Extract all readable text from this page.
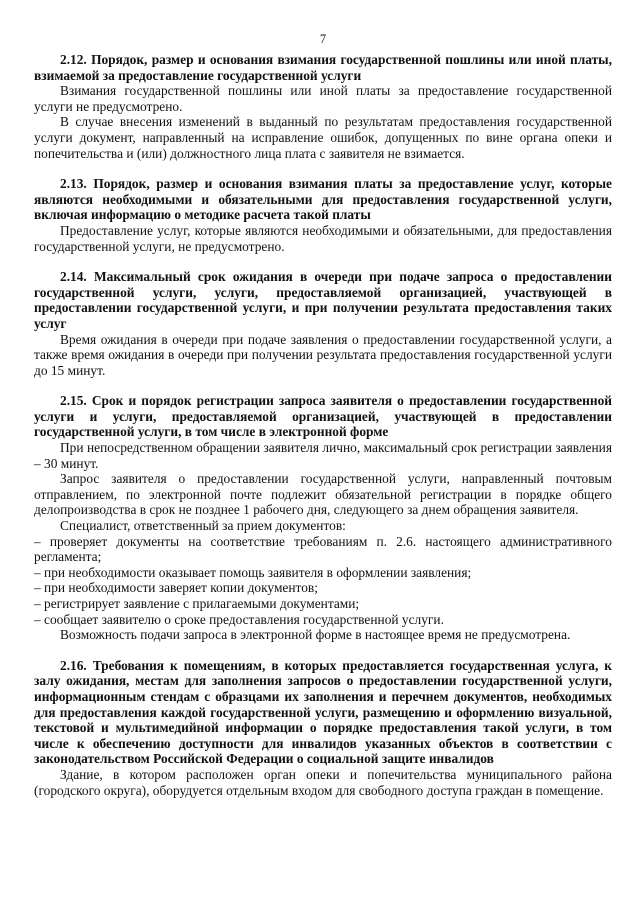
7

2.12. Порядок, размер и основания взимания государственной пошлины или иной платы, взимаемой за предоставление государственной услуги

Взимания государственной пошлины или иной платы за предоставление государственной услуги не предусмотрено.

В случае внесения изменений в выданный по результатам предоставления государственной услуги документ, направленный на исправление ошибок, допущенных по вине органа опеки и попечительства и (или) должностного лица плата с заявителя не взимается.

2.13. Порядок, размер и основания взимания платы за предоставление услуг, которые являются необходимыми и обязательными для предоставления государственной услуги, включая информацию о методике расчета такой платы

Предоставление услуг, которые являются необходимыми и обязательными, для предоставления государственной услуги, не предусмотрено.

2.14. Максимальный срок ожидания в очереди при подаче запроса о предоставлении государственной услуги, услуги, предоставляемой организацией, участвующей в предоставлении государственной услуги, и при получении результата предоставления таких услуг

Время ожидания в очереди при подаче заявления о предоставлении государственной услуги, а также время ожидания в очереди при получении результата предоставления государственной услуги до 15 минут.

2.15. Срок и порядок регистрации запроса заявителя о предоставлении государственной услуги и услуги, предоставляемой организацией, участвующей в предоставлении государственной услуги, в том числе в электронной форме

При непосредственном обращении заявителя лично, максимальный срок регистрации заявления – 30 минут.

Запрос заявителя о предоставлении государственной услуги, направленный почтовым отправлением, по электронной почте подлежит обязательной регистрации в порядке общего делопроизводства в срок не позднее 1 рабочего дня, следующего за днем обращения заявителя.

Специалист, ответственный за прием документов:

– проверяет документы на соответствие требованиям п. 2.6. настоящего административного регламента;

– при необходимости оказывает помощь заявителя в оформлении заявления;

– при необходимости заверяет копии документов;

– регистрирует заявление с прилагаемыми документами;

– сообщает заявителю о сроке предоставления государственной услуги.

Возможность подачи запроса в электронной форме в настоящее время не предусмотрена.

2.16. Требования к помещениям, в которых предоставляется государственная услуга, к залу ожидания, местам для заполнения запросов о предоставлении государственной услуги, информационным стендам с образцами их заполнения и перечнем документов, необходимых для предоставления каждой государственной услуги, размещению и оформлению визуальной, текстовой и мультимедийной информации о порядке предоставления такой услуги, в том числе к обеспечению доступности для инвалидов указанных объектов в соответствии с законодательством Российской Федерации о социальной защите инвалидов

Здание, в котором расположен орган опеки и попечительства муниципального района (городского округа), оборудуется отдельным входом для свободного доступа граждан в помещение.
